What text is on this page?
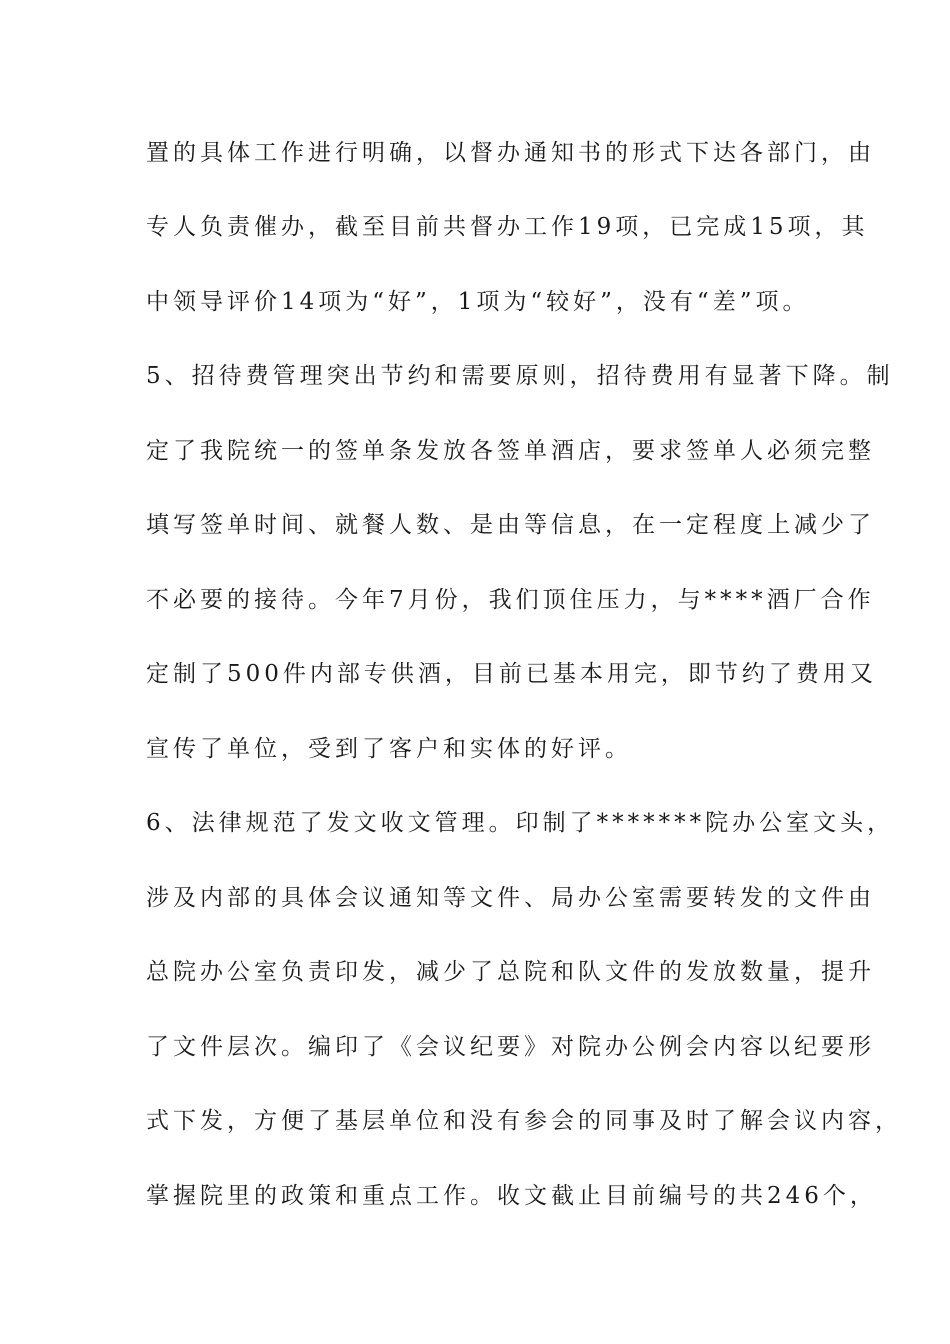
置的具体工作进行明确，以督办通知书的形式下达各部门，由
专人负责催办，截至目前共督办工作19项，已完成15项，其
中领导评价14项为“好”，1项为“较好”，没有“差”项。
5、招待费管理突出节约和需要原则，招待费用有显著下降。制
定了我院统一的签单条发放各签单酒店，要求签单人必须完整
填写签单时间、就餐人数、是由等信息，在一定程度上减少了
不必要的接待。今年7月份，我们顶住压力，与****酒厂合作
定制了500件内部专供酒，目前已基本用完，即节约了费用又
宣传了单位，受到了客户和实体的好评。
6、法律规范了发文收文管理。印制了*******院办公室文头，
涉及内部的具体会议通知等文件、局办公室需要转发的文件由
总院办公室负责印发，减少了总院和队文件的发放数量，提升
了文件层次。编印了《会议纪要》对院办公例会内容以纪要形
式下发，方便了基层单位和没有参会的同事及时了解会议内容，
掌握院里的政策和重点工作。收文截止目前编号的共246个，
